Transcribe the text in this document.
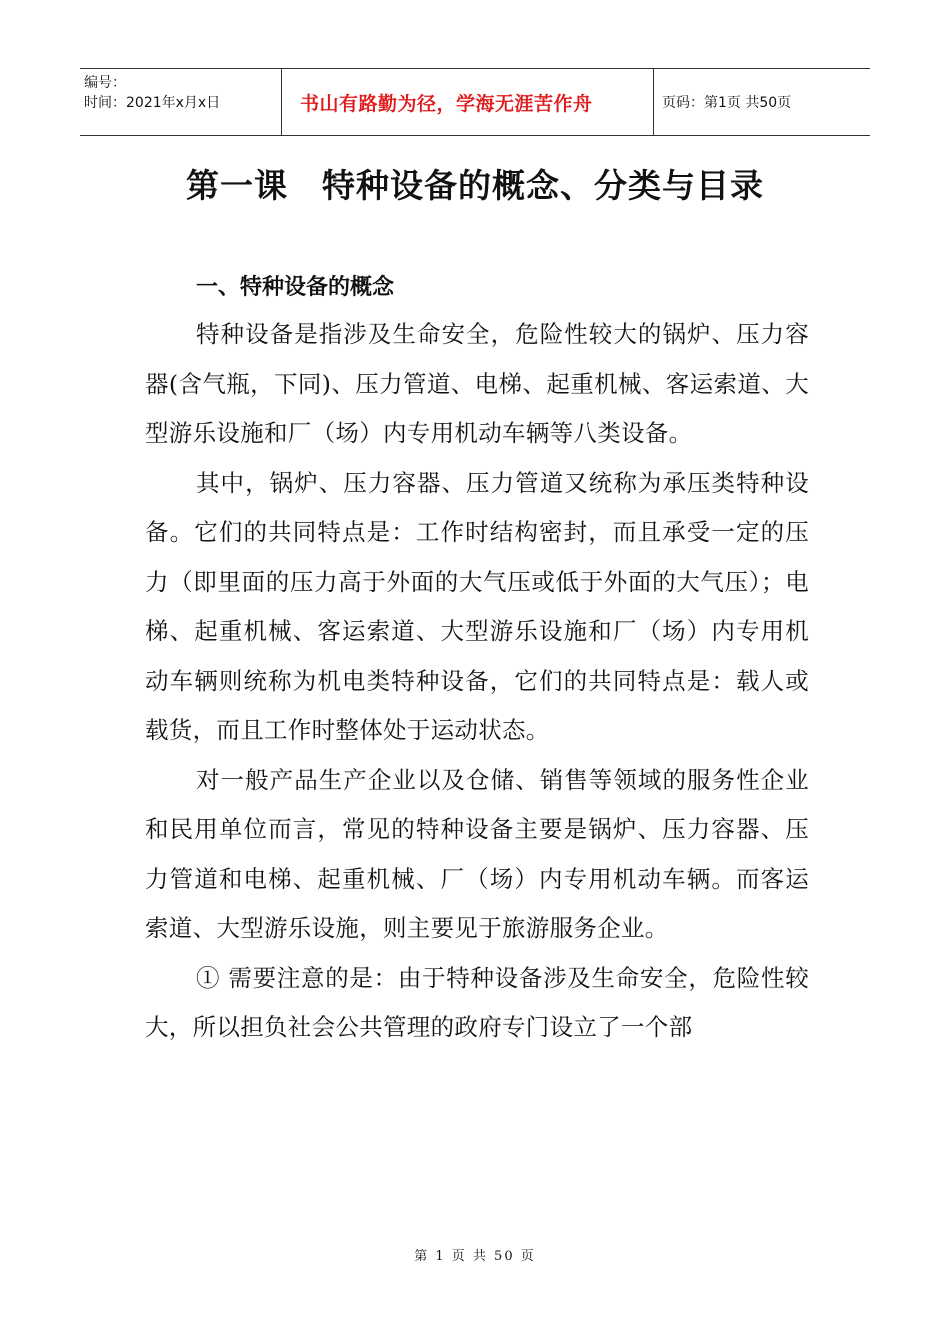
编号：
时间：2021年x月x日	书山有路勤为径，学海无涯苦作舟	页码：第1页 共50页
第一课 特种设备的概念、分类与目录
一、特种设备的概念

特种设备是指涉及生命安全，危险性较大的锅炉、压力容器(含气瓶，下同)、压力管道、电梯、起重机械、客运索道、大型游乐设施和厂（场）内专用机动车辆等八类设备。

其中，锅炉、压力容器、压力管道又统称为承压类特种设备。它们的共同特点是：工作时结构密封，而且承受一定的压力（即里面的压力高于外面的大气压或低于外面的大气压）；电梯、起重机械、客运索道、大型游乐设施和厂（场）内专用机动车辆则统称为机电类特种设备，它们的共同特点是：载人或载货，而且工作时整体处于运动状态。

对一般产品生产企业以及仓储、销售等领域的服务性企业和民用单位而言，常见的特种设备主要是锅炉、压力容器、压力管道和电梯、起重机械、厂（场）内专用机动车辆。而客运索道、大型游乐设施，则主要见于旅游服务企业。

① 需要注意的是：由于特种设备涉及生命安全，危险性较大，所以担负社会公共管理的政府专门设立了一个部

第 1 页 共 50 页
